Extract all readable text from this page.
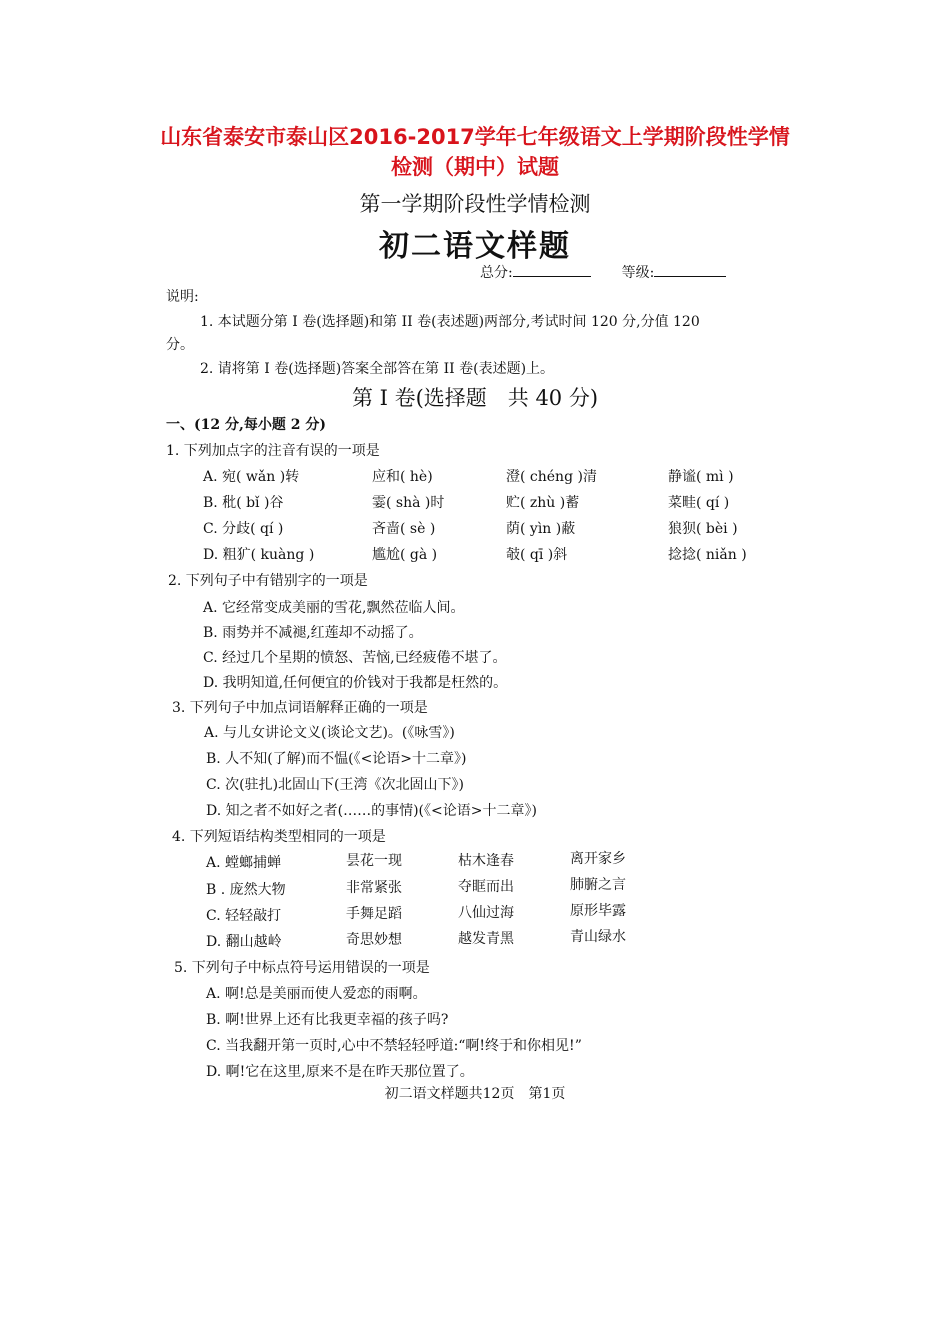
山东省泰安市泰山区2016-2017学年七年级语文上学期阶段性学情
检测（期中）试题
第一学期阶段性学情检测
初二语文样题
总分:	等级:
说明:
1. 本试题分第 I 卷(选择题)和第 II 卷(表述题)两部分,考试时间 120 分,分值 120
分。
2. 请将第 I 卷(选择题)答案全部答在第 II 卷(表述题)上。
第 I 卷(选择题　共 40 分)
一、(12 分,每小题 2 分)
1. 下列加点字的注音有误的一项是
A. 宛( wǎn )转	应和( hè)	澄( chéng )清	静谧( mì )
B. 秕( bǐ )谷	霎( shà )时	贮( zhù )蓄	菜畦( qí )
C. 分歧( qí )	吝啬( sè )	荫( yìn )蔽	狼狈( bèi )
D. 粗犷( kuàng )	尴尬( gà )	攲( qī )斜	捻捻( niǎn )
2. 下列句子中有错别字的一项是
A. 它经常变成美丽的雪花,飘然莅临人间。
B. 雨势并不减褪,红莲却不动摇了。
C. 经过几个星期的愤怒、苦恼,已经疲倦不堪了。
D. 我明知道,任何便宜的价钱对于我都是枉然的。
3. 下列句子中加点词语解释正确的一项是
A. 与儿女讲论文义(谈论文艺)。(《咏雪》)
B. 人不知(了解)而不愠(《<论语>十二章》)
C. 次(驻扎)北固山下(王湾《次北固山下》)
D. 知之者不如好之者(……的事情)(《<论语>十二章》)
4. 下列短语结构类型相同的一项是
A. 螳螂捕蝉	昙花一现	枯木逢春	离开家乡
B . 庞然大物	非常紧张	夺眶而出	肺腑之言
C. 轻轻敲打	手舞足蹈	八仙过海	原形毕露
D. 翻山越岭	奇思妙想	越发青黑	青山绿水
5. 下列句子中标点符号运用错误的一项是
A. 啊!总是美丽而使人爱恋的雨啊。
B. 啊!世界上还有比我更幸福的孩子吗?
C. 当我翻开第一页时,心中不禁轻轻呼道:“啊!终于和你相见!”
D. 啊!它在这里,原来不是在昨天那位置了。
初二语文样题共12页　第1页
